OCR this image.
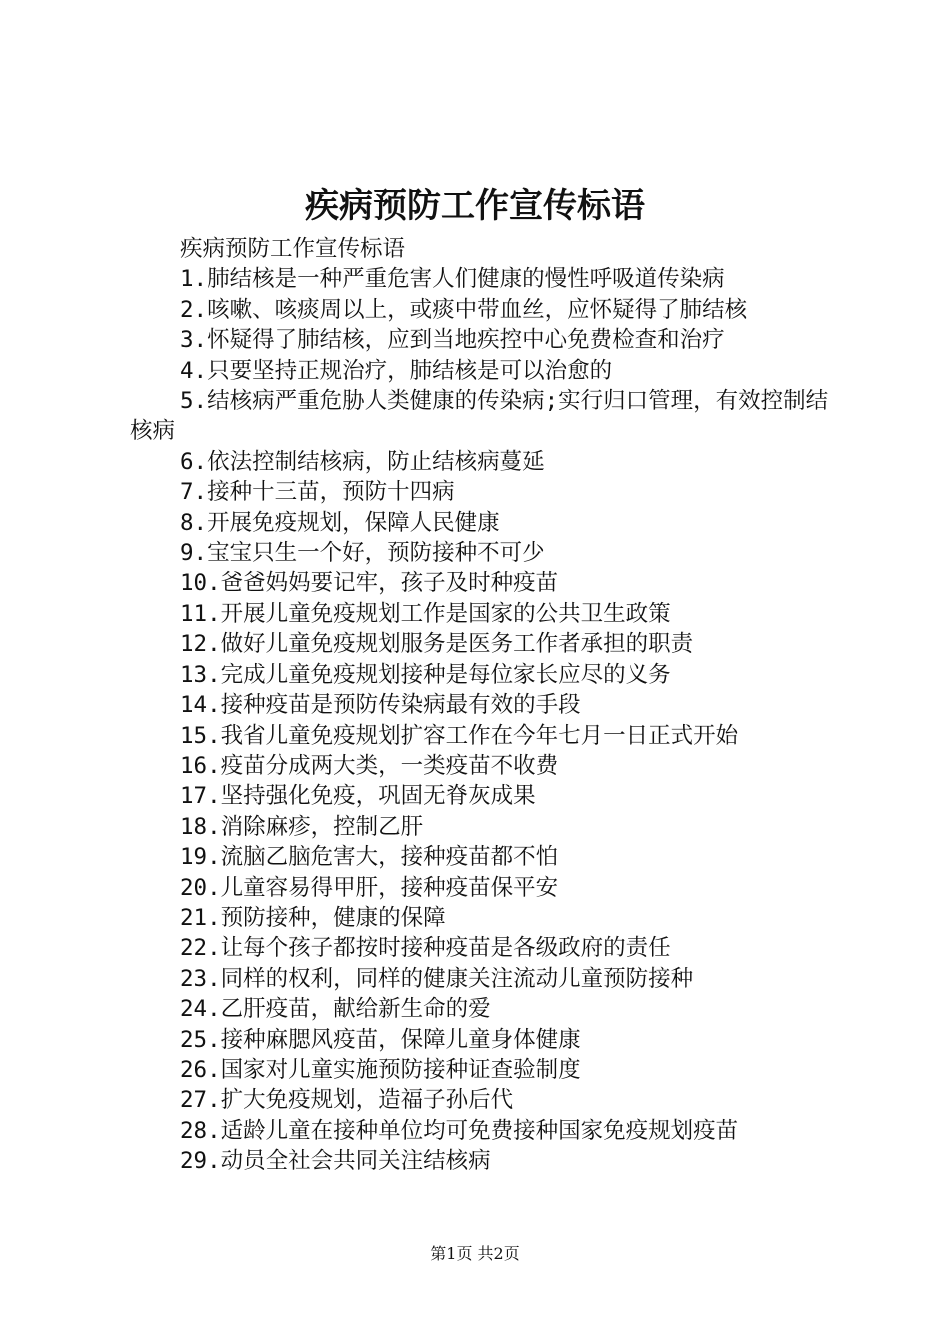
疾病预防工作宣传标语

疾病预防工作宣传标语

1.肺结核是一种严重危害人们健康的慢性呼吸道传染病

2.咳嗽、咳痰周以上，或痰中带血丝，应怀疑得了肺结核

3.怀疑得了肺结核，应到当地疾控中心免费检查和治疗

4.只要坚持正规治疗，肺结核是可以治愈的

5.结核病严重危胁人类健康的传染病;实行归口管理，有效控制结核病

6.依法控制结核病，防止结核病蔓延

7.接种十三苗，预防十四病

8.开展免疫规划，保障人民健康

9.宝宝只生一个好，预防接种不可少

10.爸爸妈妈要记牢，孩子及时种疫苗

11.开展儿童免疫规划工作是国家的公共卫生政策

12.做好儿童免疫规划服务是医务工作者承担的职责

13.完成儿童免疫规划接种是每位家长应尽的义务

14.接种疫苗是预防传染病最有效的手段

15.我省儿童免疫规划扩容工作在今年七月一日正式开始

16.疫苗分成两大类，一类疫苗不收费

17.坚持强化免疫，巩固无脊灰成果

18.消除麻疹，控制乙肝

19.流脑乙脑危害大，接种疫苗都不怕

20.儿童容易得甲肝，接种疫苗保平安

21.预防接种，健康的保障

22.让每个孩子都按时接种疫苗是各级政府的责任

23.同样的权利，同样的健康关注流动儿童预防接种

24.乙肝疫苗，献给新生命的爱

25.接种麻腮风疫苗，保障儿童身体健康

26.国家对儿童实施预防接种证查验制度

27.扩大免疫规划，造福子孙后代

28.适龄儿童在接种单位均可免费接种国家免疫规划疫苗

29.动员全社会共同关注结核病

第1页 共2页
